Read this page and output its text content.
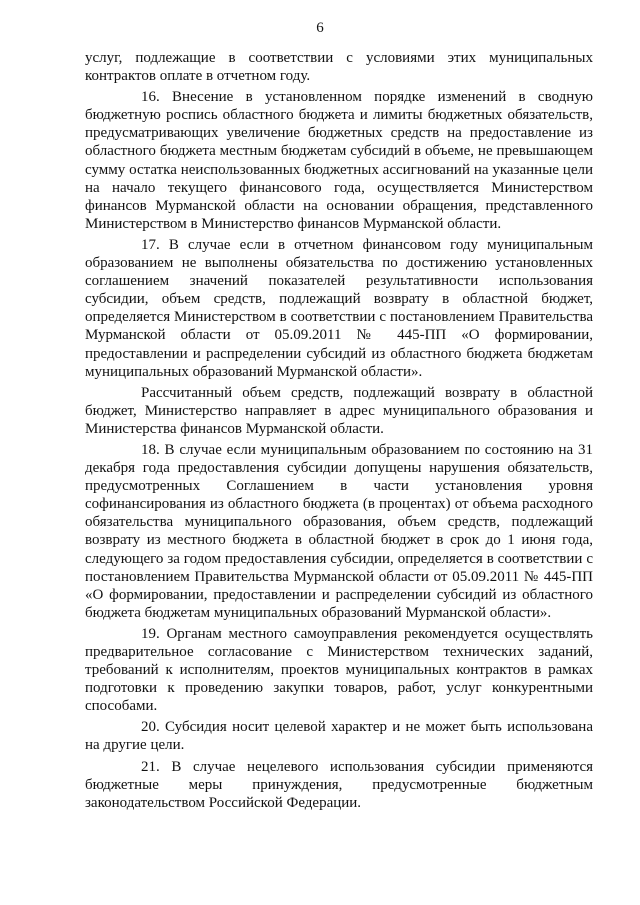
6

услуг, подлежащие в соответствии с условиями этих муниципальных контрактов оплате в отчетном году.

16. Внесение в установленном порядке изменений в сводную бюджетную роспись областного бюджета и лимиты бюджетных обязательств, предусматривающих увеличение бюджетных средств на предоставление из областного бюджета местным бюджетам субсидий в объеме, не превышающем сумму остатка неиспользованных бюджетных ассигнований на указанные цели на начало текущего финансового года, осуществляется Министерством финансов Мурманской области на основании обращения, представленного Министерством в Министерство финансов Мурманской области.

17. В случае если в отчетном финансовом году муниципальным образованием не выполнены обязательства по достижению установленных соглашением значений показателей результативности использования субсидии, объем средств, подлежащий возврату в областной бюджет, определяется Министерством в соответствии с постановлением Правительства Мурманской области от 05.09.2011 № 445-ПП «О формировании, предоставлении и распределении субсидий из областного бюджета бюджетам муниципальных образований Мурманской области».

Рассчитанный объем средств, подлежащий возврату в областной бюджет, Министерство направляет в адрес муниципального образования и Министерства финансов Мурманской области.

18. В случае если муниципальным образованием по состоянию на 31 декабря года предоставления субсидии допущены нарушения обязательств, предусмотренных Соглашением в части установления уровня софинансирования из областного бюджета (в процентах) от объема расходного обязательства муниципального образования, объем средств, подлежащий возврату из местного бюджета в областной бюджет в срок до 1 июня года, следующего за годом предоставления субсидии, определяется в соответствии с постановлением Правительства Мурманской области от 05.09.2011 № 445-ПП «О формировании, предоставлении и распределении субсидий из областного бюджета бюджетам муниципальных образований Мурманской области».

19. Органам местного самоуправления рекомендуется осуществлять предварительное согласование с Министерством технических заданий, требований к исполнителям, проектов муниципальных контрактов в рамках подготовки к проведению закупки товаров, работ, услуг конкурентными способами.

20. Субсидия носит целевой характер и не может быть использована на другие цели.

21. В случае нецелевого использования субсидии применяются бюджетные меры принуждения, предусмотренные бюджетным законодательством Российской Федерации.
